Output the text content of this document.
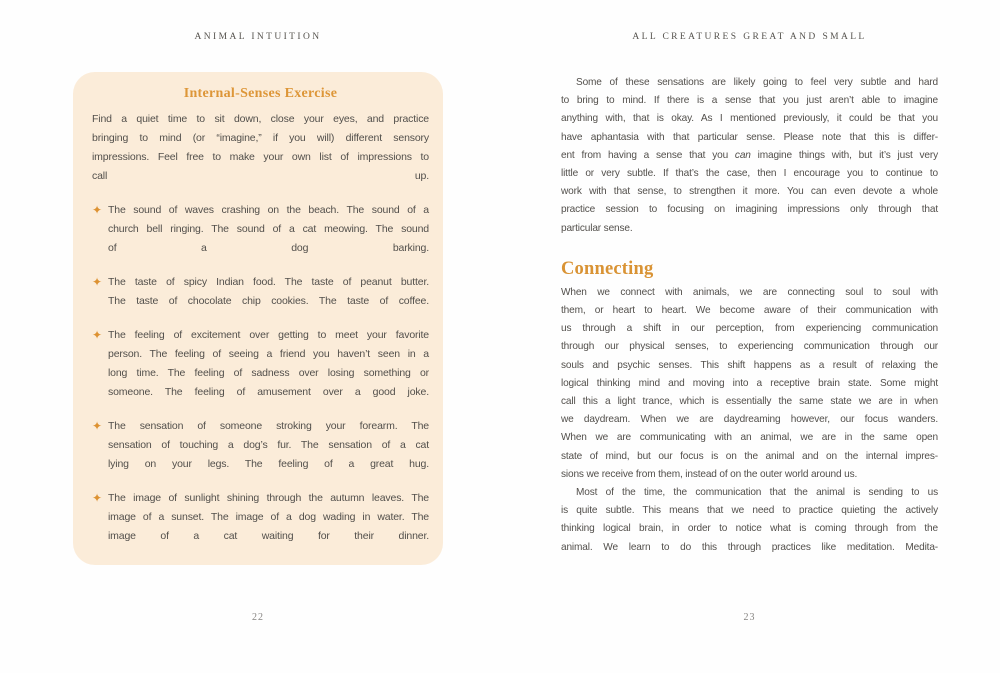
ANIMAL INTUITION
Internal-Senses Exercise
Find a quiet time to sit down, close your eyes, and practice
bringing to mind (or “imagine,” if you will) different sensory
impressions. Feel free to make your own list of impressions to
call up.
✦ The sound of waves crashing on the beach. The sound of a
church bell ringing. The sound of a cat meowing. The sound
of a dog barking.
✦ The taste of spicy Indian food. The taste of peanut butter.
The taste of chocolate chip cookies. The taste of coffee.
✦ The feeling of excitement over getting to meet your favorite
person. The feeling of seeing a friend you haven’t seen in a
long time. The feeling of sadness over losing something or
someone. The feeling of amusement over a good joke.
✦ The sensation of someone stroking your forearm. The
sensation of touching a dog’s fur. The sensation of a cat
lying on your legs. The feeling of a great hug.
✦ The image of sunlight shining through the autumn leaves. The
image of a sunset. The image of a dog wading in water. The
image of a cat waiting for their dinner.
22
ALL CREATURES GREAT AND SMALL

Some of these sensations are likely going to feel very subtle and hard
to bring to mind. If there is a sense that you just aren’t able to imagine
anything with, that is okay. As I mentioned previously, it could be that you
have aphantasia with that particular sense. Please note that this is differ-
ent from having a sense that you can imagine things with, but it’s just very
little or very subtle. If that’s the case, then I encourage you to continue to
work with that sense, to strengthen it more. You can even devote a whole
practice session to focusing on imagining impressions only through that
particular sense.

Connecting

When we connect with animals, we are connecting soul to soul with
them, or heart to heart. We become aware of their communication with
us through a shift in our perception, from experiencing communication
through our physical senses, to experiencing communication through our
souls and psychic senses. This shift happens as a result of relaxing the
logical thinking mind and moving into a receptive brain state. Some might
call this a light trance, which is essentially the same state we are in when
we daydream. When we are daydreaming however, our focus wanders.
When we are communicating with an animal, we are in the same open
state of mind, but our focus is on the animal and on the internal impres-
sions we receive from them, instead of on the outer world around us.

Most of the time, the communication that the animal is sending to us
is quite subtle. This means that we need to practice quieting the actively
thinking logical brain, in order to notice what is coming through from the
animal. We learn to do this through practices like meditation. Medita-

23
